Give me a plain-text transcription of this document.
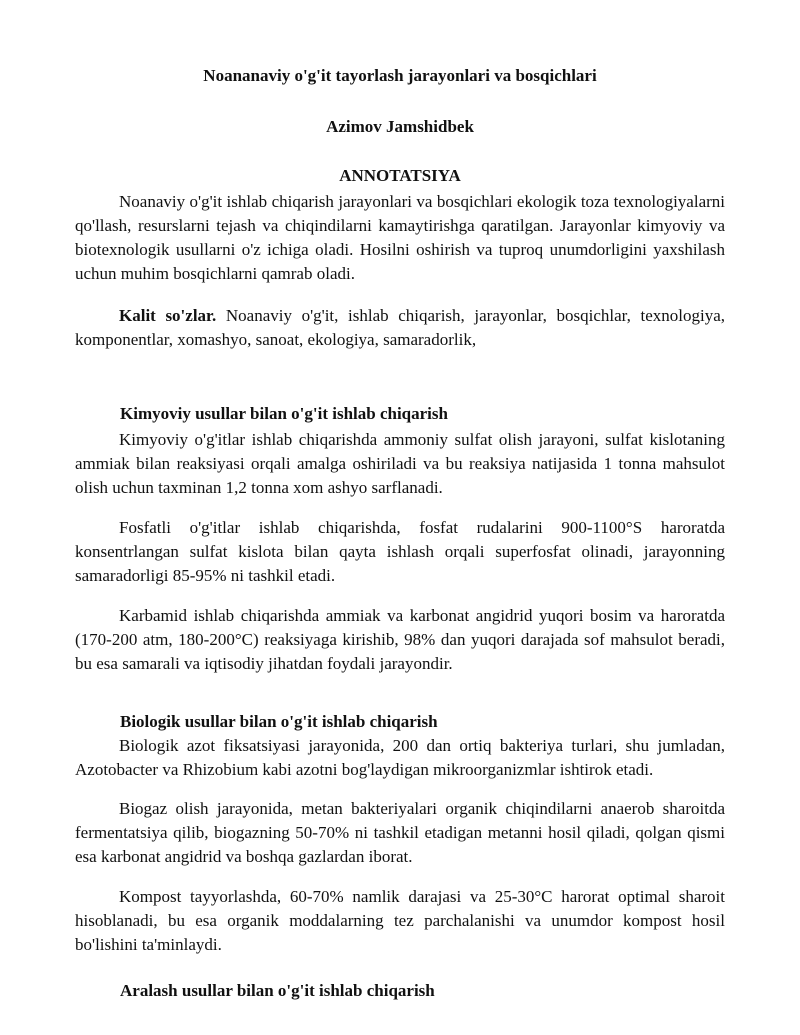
Noananaviy o'g'it tayorlash jarayonlari va bosqichlari
Azimov Jamshidbek
ANNOTATSIYA

Noanaviy o'g'it ishlab chiqarish jarayonlari va bosqichlari ekologik toza texnologiyalarni qo'llash, resurslarni tejash va chiqindilarni kamaytirishga qaratilgan. Jarayonlar kimyoviy va biotexnologik usullarni o'z ichiga oladi. Hosilni oshirish va tuproq unumdorligini yaxshilash uchun muhim bosqichlarni qamrab oladi.

Kalit so'zlar. Noanaviy o'g'it, ishlab chiqarish, jarayonlar, bosqichlar, texnologiya, komponentlar, xomashyo, sanoat, ekologiya, samaradorlik,

Kimyoviy usullar bilan o'g'it ishlab chiqarish

Kimyoviy o'g'itlar ishlab chiqarishda ammoniy sulfat olish jarayoni, sulfat kislotaning ammiak bilan reaksiyasi orqali amalga oshiriladi va bu reaksiya natijasida 1 tonna mahsulot olish uchun taxminan 1,2 tonna xom ashyo sarflanadi.

Fosfatli o'g'itlar ishlab chiqarishda, fosfat rudalarini 900-1100°S haroratda konsentrlangan sulfat kislota bilan qayta ishlash orqali superfosfat olinadi, jarayonning samaradorligi 85-95% ni tashkil etadi.

Karbamid ishlab chiqarishda ammiak va karbonat angidrid yuqori bosim va haroratda (170-200 atm, 180-200°C) reaksiyaga kirishib, 98% dan yuqori darajada sof mahsulot beradi, bu esa samarali va iqtisodiy jihatdan foydali jarayondir.

Biologik usullar bilan o'g'it ishlab chiqarish

Biologik azot fiksatsiyasi jarayonida, 200 dan ortiq bakteriya turlari, shu jumladan, Azotobacter va Rhizobium kabi azotni bog'laydigan mikroorganizmlar ishtirok etadi.

Biogaz olish jarayonida, metan bakteriyalari organik chiqindilarni anaerob sharoitda fermentatsiya qilib, biogazning 50-70% ni tashkil etadigan metanni hosil qiladi, qolgan qismi esa karbonat angidrid va boshqa gazlardan iborat.

Kompost tayyorlashda, 60-70% namlik darajasi va 25-30°C harorat optimal sharoit hisoblanadi, bu esa organik moddalarning tez parchalanishi va unumdor kompost hosil bo'lishini ta'minlaydi.

Aralash usullar bilan o'g'it ishlab chiqarish
